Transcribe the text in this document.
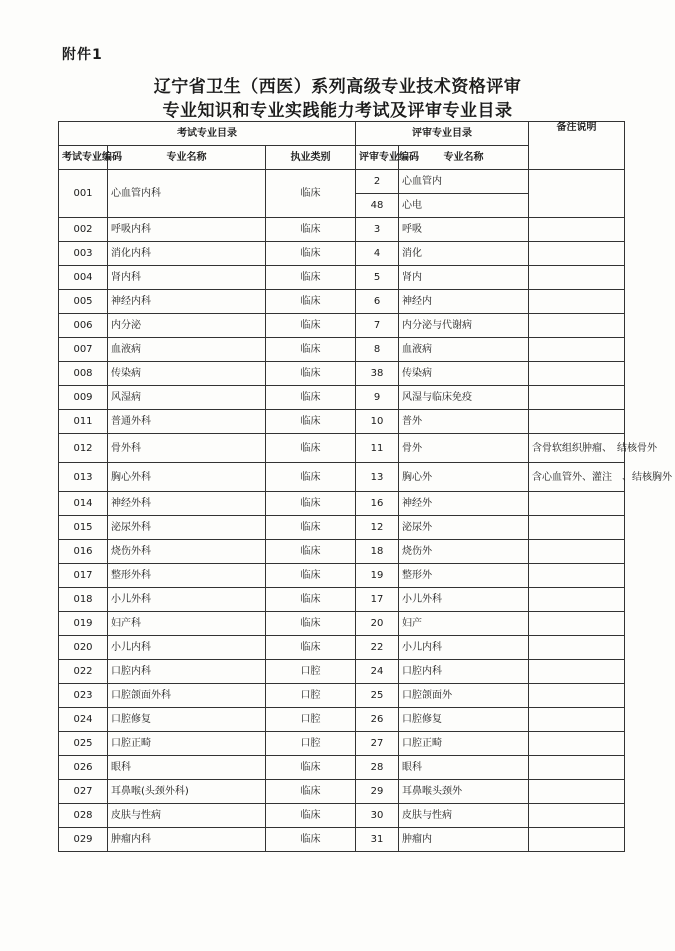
附件1
辽宁省卫生（西医）系列高级专业技术资格评审
专业知识和专业实践能力考试及评审专业目录
考试专业目录			评审专业目录		备注说明
考试专业编码	专业名称	执业类别	评审专业编码	专业名称	
001	心血管内科	临床	2	心血管内	
			48	心电	
002	呼吸内科	临床	3	呼吸	
003	消化内科	临床	4	消化	
004	肾内科	临床	5	肾内	
005	神经内科	临床	6	神经内	
006	内分泌	临床	7	内分泌与代谢病	
007	血液病	临床	8	血液病	
008	传染病	临床	38	传染病	
009	风湿病	临床	9	风湿与临床免疫	
011	普通外科	临床	10	普外	
012	骨外科	临床	11	骨外	含骨软组织肿瘤、　结核骨外
013	胸心外科	临床	13	胸心外	含心血管外、灌注　、结核胸外
014	神经外科	临床	16	神经外	
015	泌尿外科	临床	12	泌尿外	
016	烧伤外科	临床	18	烧伤外	
017	整形外科	临床	19	整形外	
018	小儿外科	临床	17	小儿外科	
019	妇产科	临床	20	妇产	
020	小儿内科	临床	22	小儿内科	
022	口腔内科	口腔	24	口腔内科	
023	口腔颌面外科	口腔	25	口腔颌面外	
024	口腔修复	口腔	26	口腔修复	
025	口腔正畸	口腔	27	口腔正畸	
026	眼科	临床	28	眼科	
027	耳鼻喉(头颈外科)	临床	29	耳鼻喉头颈外	
028	皮肤与性病	临床	30	皮肤与性病	
029	肿瘤内科	临床	31	肿瘤内	
